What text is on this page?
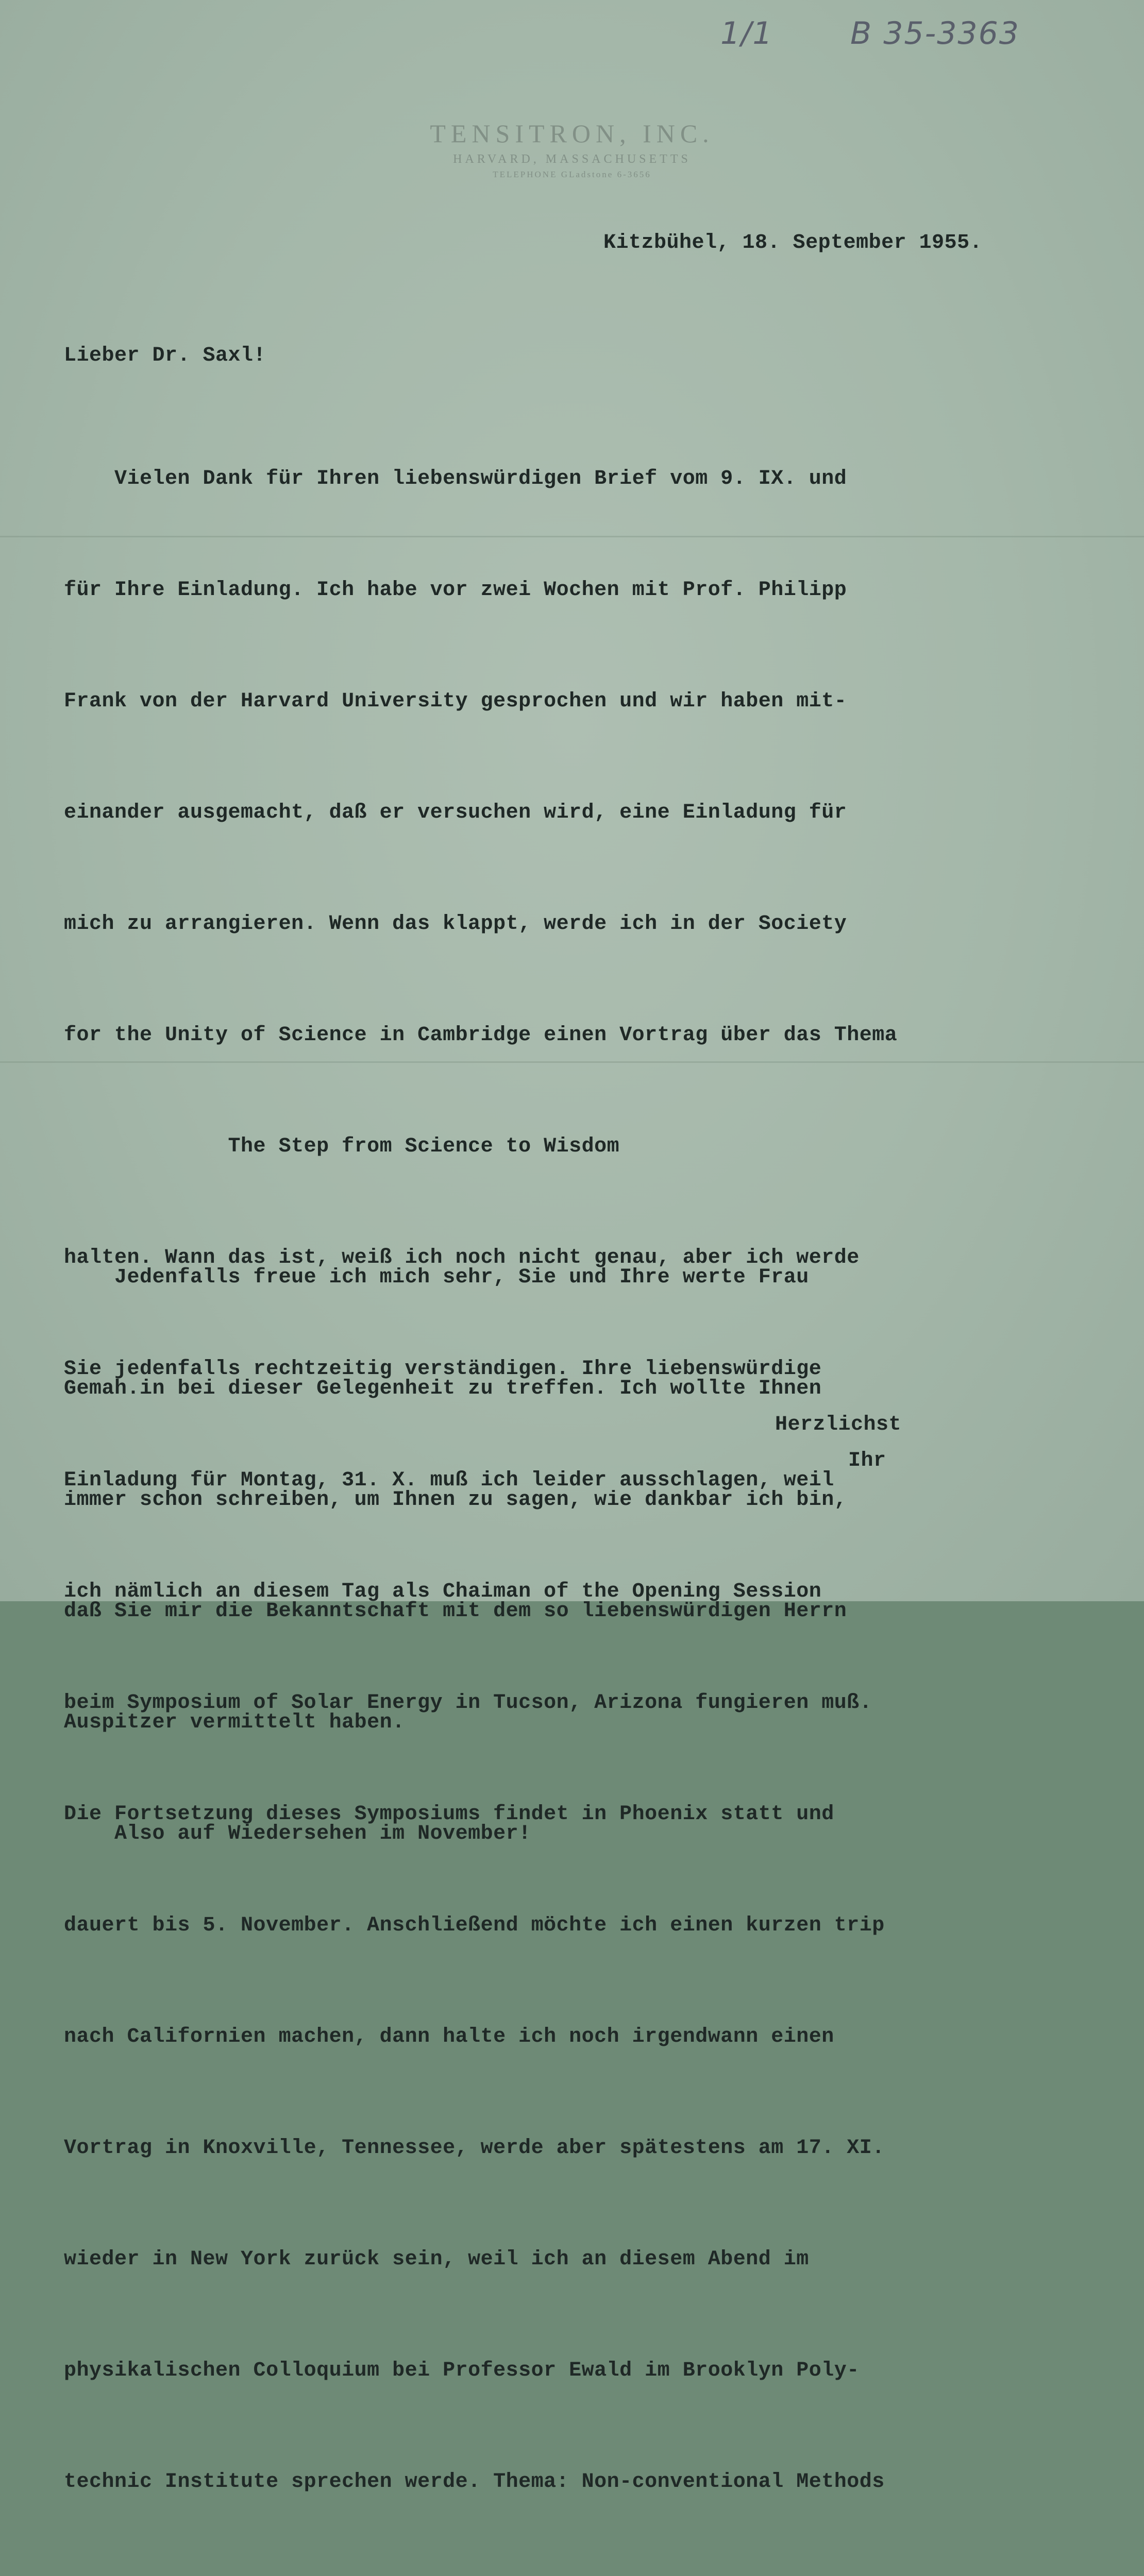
1/1 B 35-3363
TENSITRON, INC.
HARVARD, MASSACHUSETTS
TELEPHONE GLadstone 6-3656
Kitzbühel, 18. September 1955.
Lieber Dr. Saxl!

Vielen Dank für Ihren liebenswürdigen Brief vom 9. IX. und

für Ihre Einladung. Ich habe vor zwei Wochen mit Prof. Philipp

Frank von der Harvard University gesprochen und wir haben mit-

einander ausgemacht, daß er versuchen wird, eine Einladung für

mich zu arrangieren. Wenn das klappt, werde ich in der Society

for the Unity of Science in Cambridge einen Vortrag über das Thema

The Step from Science to Wisdom

halten. Wann das ist, weiß ich noch nicht genau, aber ich werde

Sie jedenfalls rechtzeitig verständigen. Ihre liebenswürdige

Einladung für Montag, 31. X. muß ich leider ausschlagen, weil

ich nämlich an diesem Tag als Chaiman of the Opening Session

beim Symposium of Solar Energy in Tucson, Arizona fungieren muß.

Die Fortsetzung dieses Symposiums findet in Phoenix statt und

dauert bis 5. November. Anschließend möchte ich einen kurzen trip

nach Californien machen, dann halte ich noch irgendwann einen

Vortrag in Knoxville, Tennessee, werde aber spätestens am 17. XI.

wieder in New York zurück sein, weil ich an diesem Abend im

physikalischen Colloquium bei Professor Ewald im Brooklyn Poly-

technic Institute sprechen werde. Thema: Non-conventional Methods

Jedenfalls freue ich mich sehr, Sie und Ihre werte Frau

Gemah.in bei dieser Gelegenheit zu treffen. Ich wollte Ihnen

immer schon schreiben, um Ihnen zu sagen, wie dankbar ich bin,

daß Sie mir die Bekanntschaft mit dem so liebenswürdigen Herrn

Auspitzer vermittelt haben.

Also auf Wiedersehen im November!

Herzlichst
Ihr
